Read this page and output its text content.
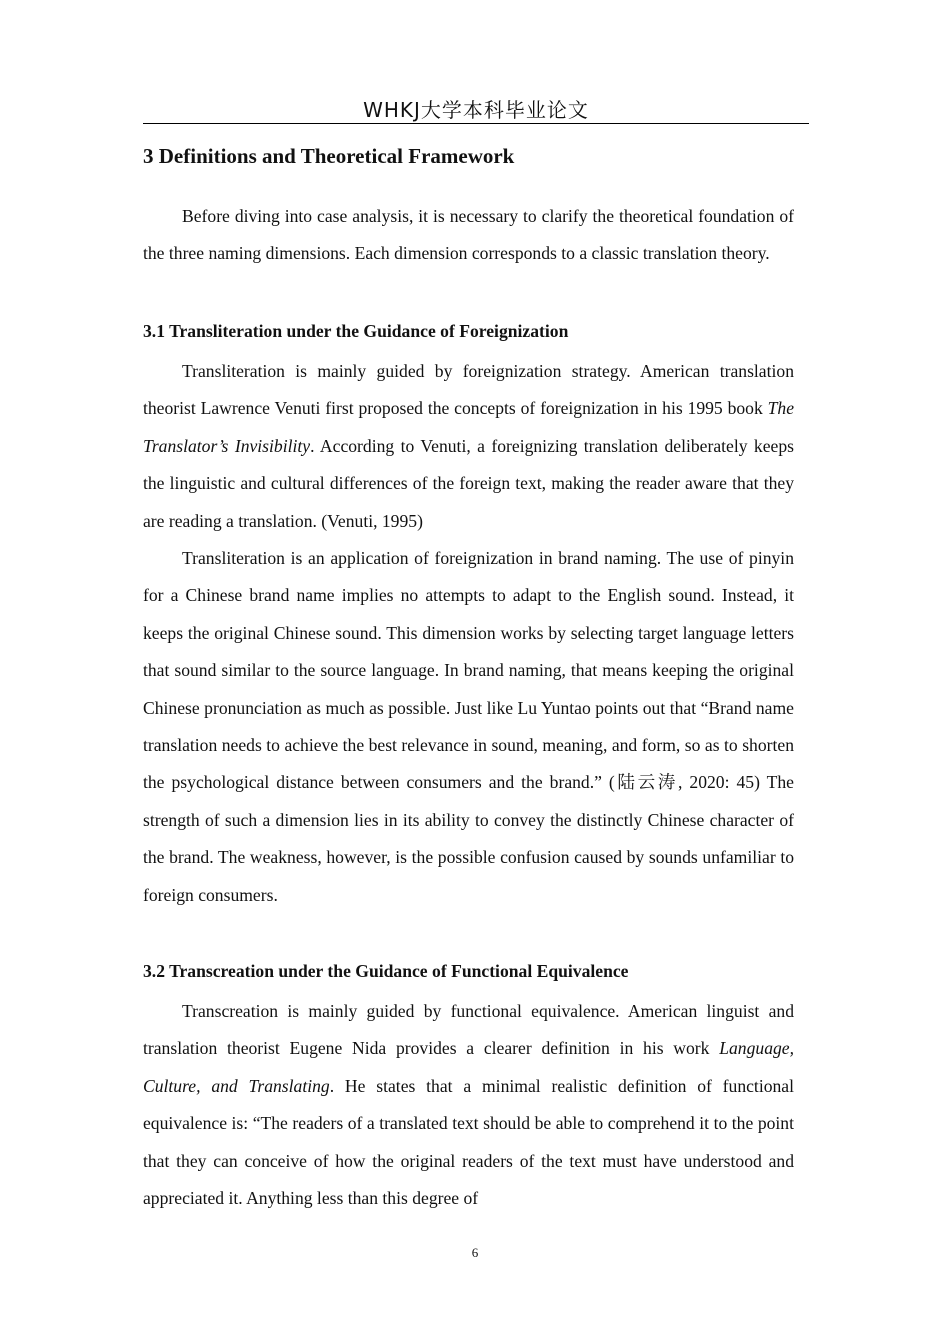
WHKJ大学本科毕业论文
3 Definitions and Theoretical Framework

Before diving into case analysis, it is necessary to clarify the theoretical foundation of the three naming dimensions. Each dimension corresponds to a classic translation theory.

3.1 Transliteration under the Guidance of Foreignization

Transliteration is mainly guided by foreignization strategy. American translation theorist Lawrence Venuti first proposed the concepts of foreignization in his 1995 book The Translator’s Invisibility. According to Venuti, a foreignizing translation deliberately keeps the linguistic and cultural differences of the foreign text, making the reader aware that they are reading a translation. (Venuti, 1995)

Transliteration is an application of foreignization in brand naming. The use of pinyin for a Chinese brand name implies no attempts to adapt to the English sound. Instead, it keeps the original Chinese sound. This dimension works by selecting target language letters that sound similar to the source language. In brand naming, that means keeping the original Chinese pronunciation as much as possible. Just like Lu Yuntao points out that “Brand name translation needs to achieve the best relevance in sound, meaning, and form, so as to shorten the psychological distance between consumers and the brand.” (陆云涛, 2020: 45) The strength of such a dimension lies in its ability to convey the distinctly Chinese character of the brand. The weakness, however, is the possible confusion caused by sounds unfamiliar to foreign consumers.

3.2 Transcreation under the Guidance of Functional Equivalence

Transcreation is mainly guided by functional equivalence. American linguist and translation theorist Eugene Nida provides a clearer definition in his work Language, Culture, and Translating. He states that a minimal realistic definition of functional equivalence is: “The readers of a translated text should be able to comprehend it to the point that they can conceive of how the original readers of the text must have understood and appreciated it. Anything less than this degree of

6
